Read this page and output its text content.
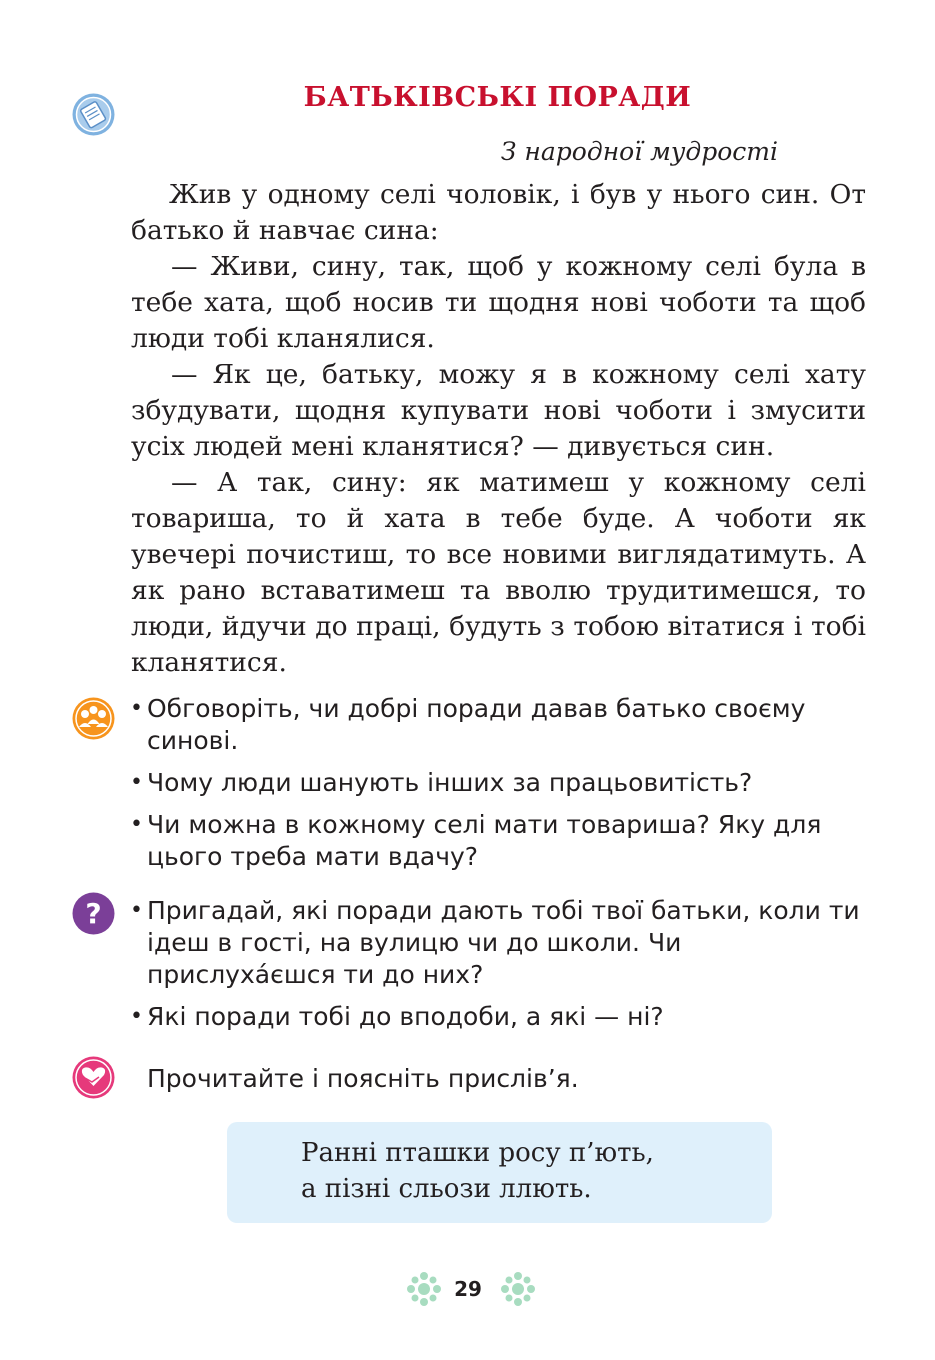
БАТЬКІВСЬКІ ПОРАДИ
З народної мудрості

Жив у одному селі чоловік, і був у нього син. От батько й навчає сина:

— Живи, сину, так, щоб у кожному селі була в тебе хата, щоб носив ти щодня нові чоботи та щоб люди тобі кланялися.

— Як це, батьку, можу я в кожному селі хату збудувати, щодня купувати нові чоботи і змусити усіх людей мені кланятися? — дивується син.

— А так, сину: як матимеш у кожному селі товариша, то й хата в тебе буде. А чоботи як увечері почистиш, то все новими виглядатимуть. А як рано вставатимеш та вволю трудитимешся, то люди, йдучи до праці, будуть з тобою вітатися і тобі кланятися.

• Обговоріть, чи добрі поради давав батько своєму синові.
• Чому люди шанують інших за працьовитість?
• Чи можна в кожному селі мати товариша? Яку для цього треба мати вдачу?
? • Пригадай, які поради дають тобі твої батьки, коли ти ідеш в гості, на вулицю чи до школи. Чи прислухáєшся ти до них?
• Які поради тобі до вподоби, а які — ні?
Прочитайте і поясніть прислів’я.

Ранні пташки росу п’ють,

а пізні сльози ллють.

29
